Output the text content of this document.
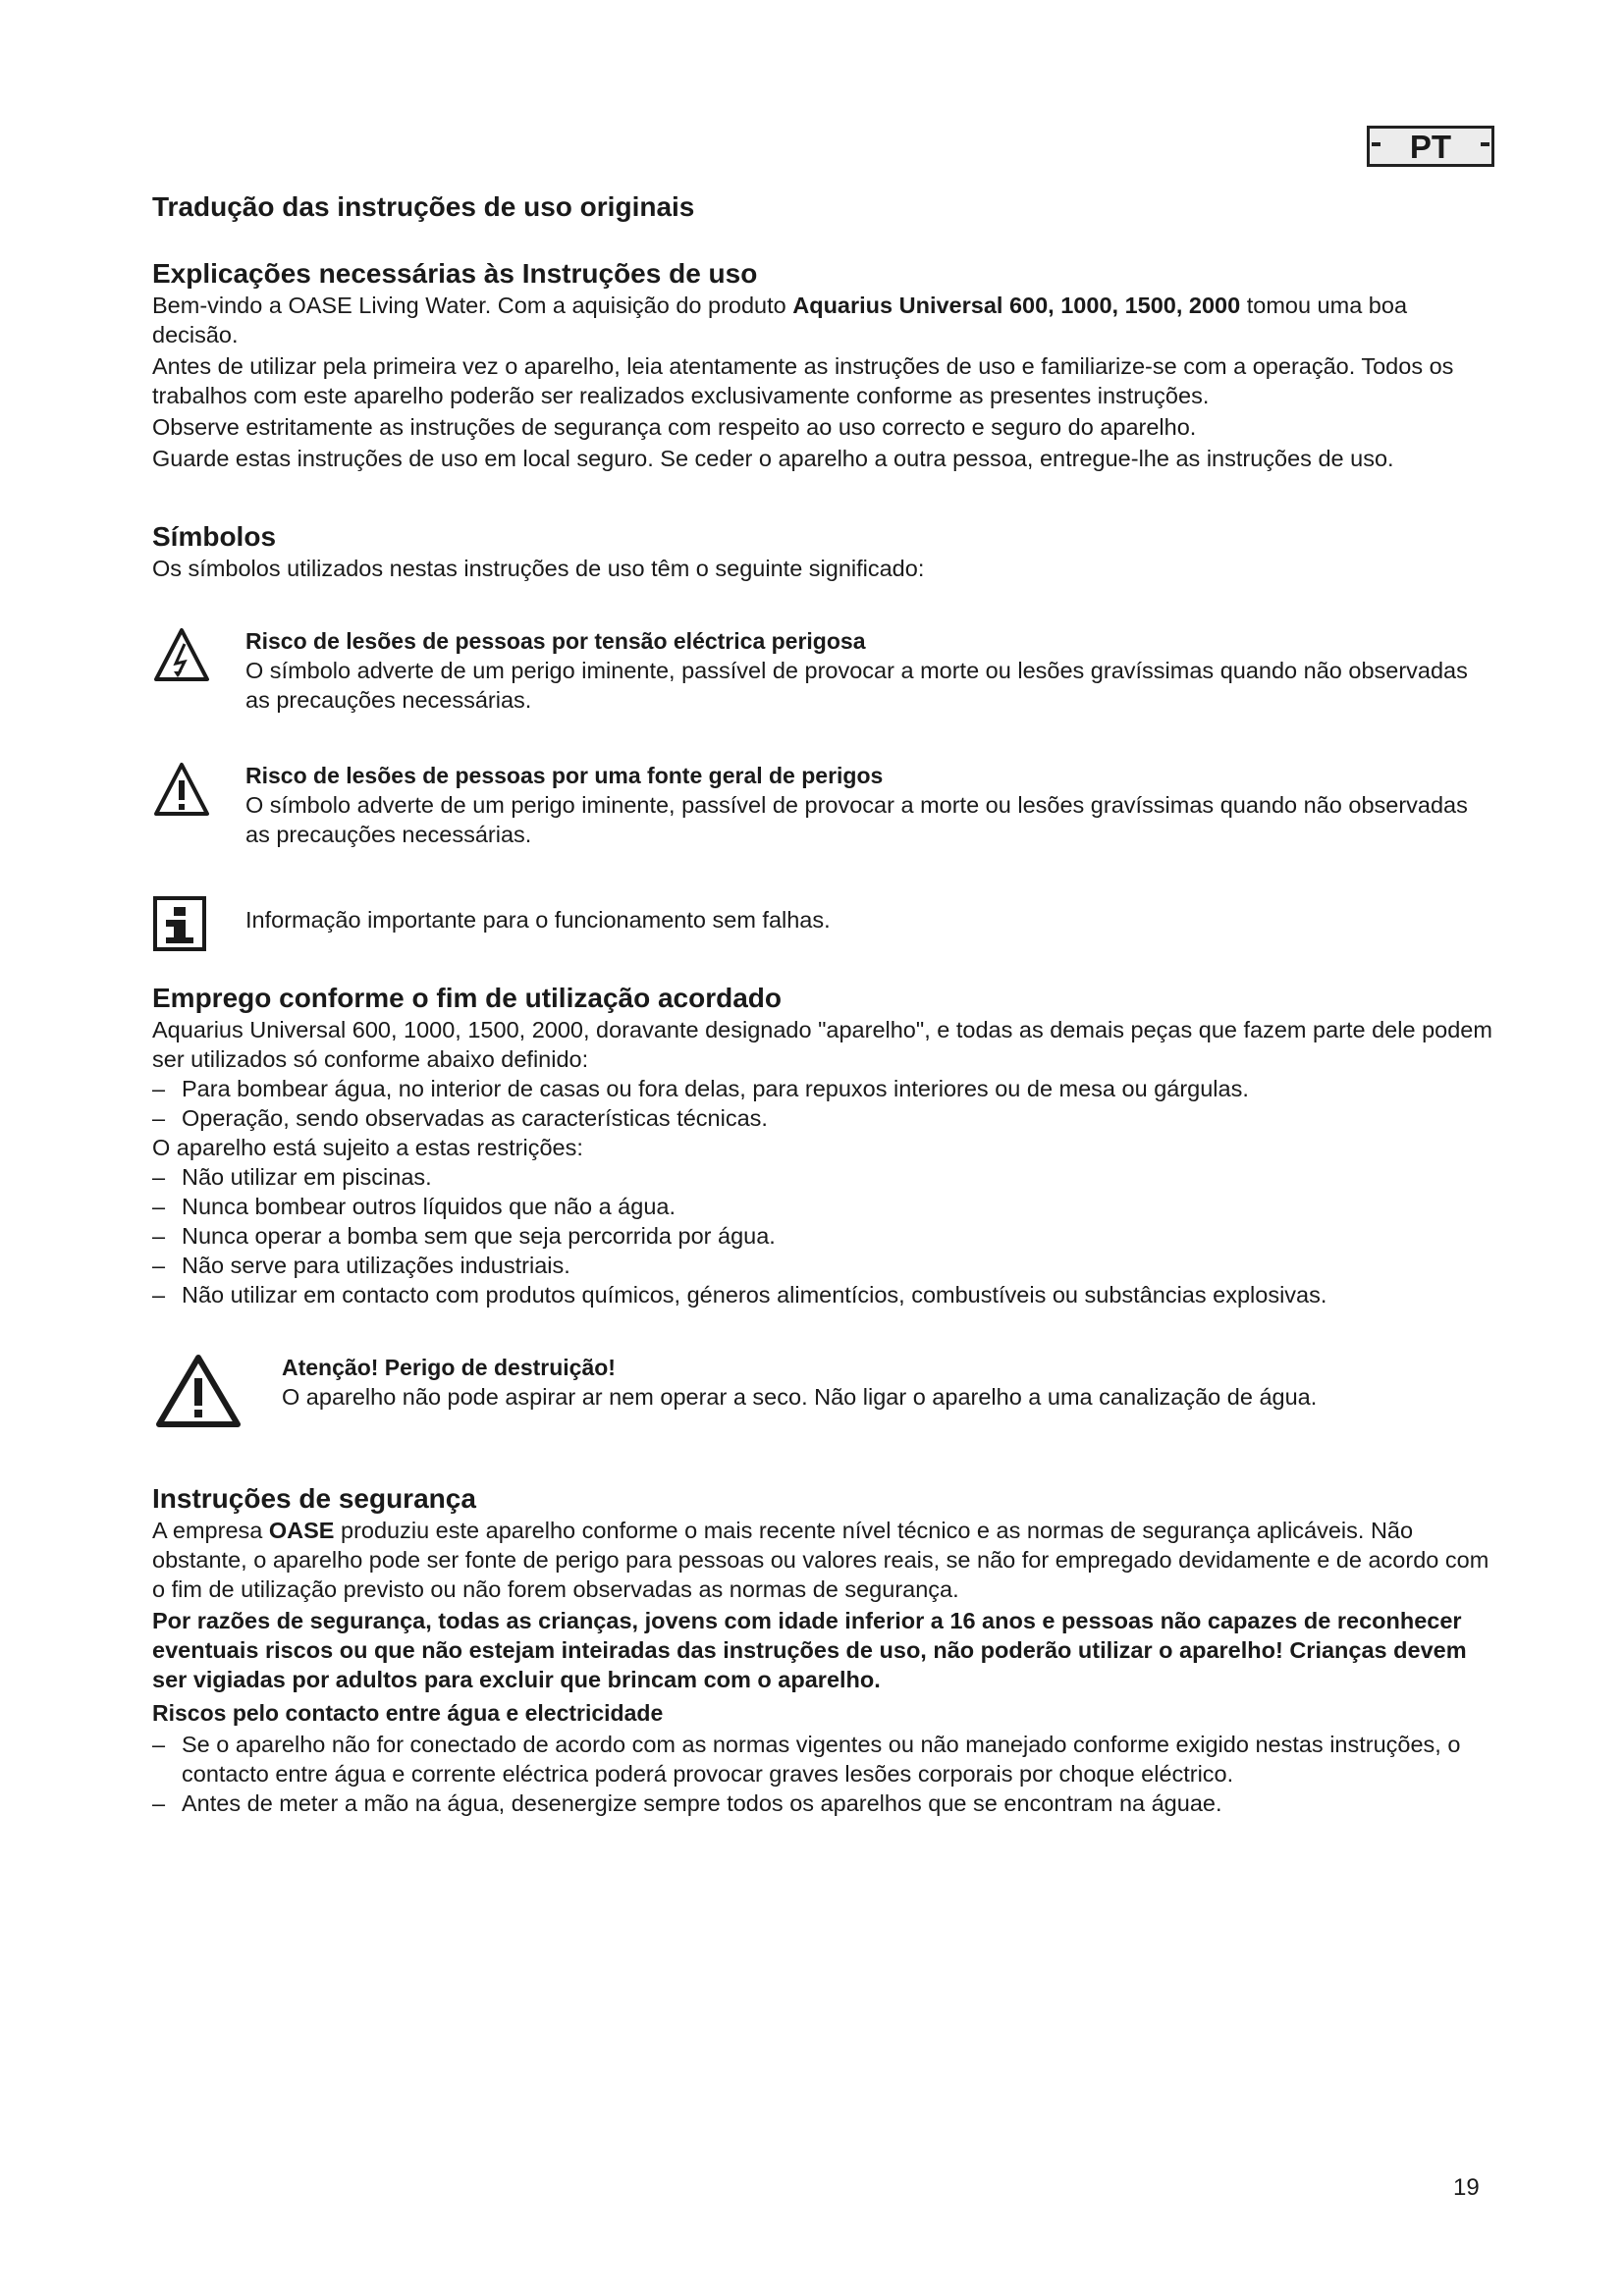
PT
Tradução das instruções de uso originais
Explicações necessárias às Instruções de uso

Bem-vindo a OASE Living Water. Com a aquisição do produto Aquarius Universal 600, 1000, 1500, 2000 tomou uma boa decisão.

Antes de utilizar pela primeira vez o aparelho, leia atentamente as instruções de uso e familiarize-se com a operação. Todos os trabalhos com este aparelho poderão ser realizados exclusivamente conforme as presentes instruções.

Observe estritamente as instruções de segurança com respeito ao uso correcto e seguro do aparelho.

Guarde estas instruções de uso em local seguro. Se ceder o aparelho a outra pessoa, entregue-lhe as instruções de uso.

Símbolos

Os símbolos utilizados nestas instruções de uso têm o seguinte significado:

Risco de lesões de pessoas por tensão eléctrica perigosa

O símbolo adverte de um perigo iminente, passível de provocar a morte ou lesões gravíssimas quando não observadas as precauções necessárias.

Risco de lesões de pessoas por uma fonte geral de perigos

O símbolo adverte de um perigo iminente, passível de provocar a morte ou lesões gravíssimas quando não observadas as precauções necessárias.

Informação importante para o funcionamento sem falhas.

Emprego conforme o fim de utilização acordado

Aquarius Universal 600, 1000, 1500, 2000, doravante designado "aparelho", e todas as demais peças que fazem parte dele podem ser utilizados só conforme abaixo definido:

– Para bombear água, no interior de casas ou fora delas, para repuxos interiores ou de mesa ou gárgulas.
– Operação, sendo observadas as características técnicas.

O aparelho está sujeito a estas restrições:

– Não utilizar em piscinas.
– Nunca bombear outros líquidos que não a água.
– Nunca operar a bomba sem que seja percorrida por água.
– Não serve para utilizações industriais.
– Não utilizar em contacto com produtos químicos, géneros alimentícios, combustíveis ou substâncias explosivas.
Atenção! Perigo de destruição!

O aparelho não pode aspirar ar nem operar a seco. Não ligar o aparelho a uma canalização de água.

Instruções de segurança

A empresa OASE produziu este aparelho conforme o mais recente nível técnico e as normas de segurança aplicáveis. Não obstante, o aparelho pode ser fonte de perigo para pessoas ou valores reais, se não for empregado devidamente e de acordo com o fim de utilização previsto ou não forem observadas as normas de segurança.

Por razões de segurança, todas as crianças, jovens com idade inferior a 16 anos e pessoas não capazes de reconhecer eventuais riscos ou que não estejam inteiradas das instruções de uso, não poderão utilizar o aparelho! Crianças devem ser vigiadas por adultos para excluir que brincam com o aparelho.

Riscos pelo contacto entre água e electricidade
– Se o aparelho não for conectado de acordo com as normas vigentes ou não manejado conforme exigido nestas instruções, o contacto entre água e corrente eléctrica poderá provocar graves lesões corporais por choque eléctrico.
– Antes de meter a mão na água, desenergize sempre todos os aparelhos que se encontram na águae.
19
